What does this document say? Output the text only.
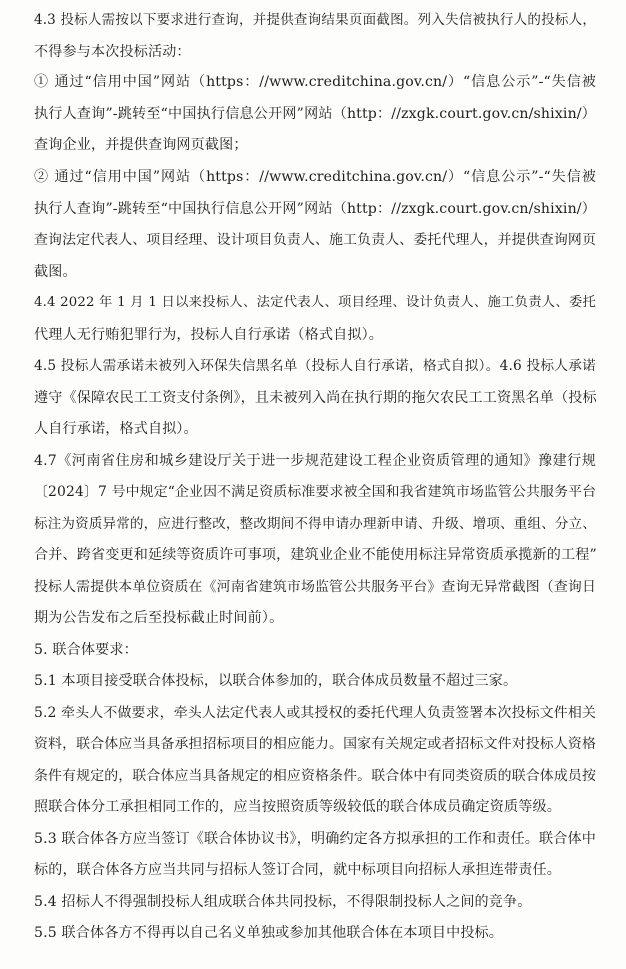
4.3 投标人需按以下要求进行查询，并提供查询结果页面截图。列入失信被执行人的投标人，
不得参与本次投标活动：
① 通过“信用中国”网站（https：//www.creditchina.gov.cn/）“信息公示”-“失信被
执行人查询”-跳转至“中国执行信息公开网”网站（http：//zxgk.court.gov.cn/shixin/）
查询企业，并提供查询网页截图；
② 通过“信用中国”网站（https：//www.creditchina.gov.cn/）“信息公示”-“失信被
执行人查询”-跳转至“中国执行信息公开网”网站（http：//zxgk.court.gov.cn/shixin/）
查询法定代表人、项目经理、设计项目负责人、施工负责人、委托代理人，并提供查询网页
截图。
4.4 2022 年 1 月 1 日以来投标人、法定代表人、项目经理、设计负责人、施工负责人、委托
代理人无行贿犯罪行为，投标人自行承诺（格式自拟）。
4.5 投标人需承诺未被列入环保失信黑名单（投标人自行承诺，格式自拟）。4.6 投标人承诺
遵守《保障农民工工资支付条例》，且未被列入尚在执行期的拖欠农民工工资黑名单（投标
人自行承诺，格式自拟）。
4.7《河南省住房和城乡建设厅关于进一步规范建设工程企业资质管理的通知》豫建行规
〔2024〕7 号中规定“企业因不满足资质标准要求被全国和我省建筑市场监管公共服务平台
标注为资质异常的，应进行整改，整改期间不得申请办理新申请、升级、增项、重组、分立、
合并、跨省变更和延续等资质许可事项，建筑业企业不能使用标注异常资质承揽新的工程”
投标人需提供本单位资质在《河南省建筑市场监管公共服务平台》查询无异常截图（查询日
期为公告发布之后至投标截止时间前）。
5. 联合体要求：
5.1 本项目接受联合体投标，以联合体参加的，联合体成员数量不超过三家。
5.2 牵头人不做要求，牵头人法定代表人或其授权的委托代理人负责签署本次投标文件相关
资料，联合体应当具备承担招标项目的相应能力。国家有关规定或者招标文件对投标人资格
条件有规定的，联合体应当具备规定的相应资格条件。联合体中有同类资质的联合体成员按
照联合体分工承担相同工作的，应当按照资质等级较低的联合体成员确定资质等级。
5.3 联合体各方应当签订《联合体协议书》，明确约定各方拟承担的工作和责任。联合体中
标的，联合体各方应当共同与招标人签订合同，就中标项目向招标人承担连带责任。
5.4 招标人不得强制投标人组成联合体共同投标，不得限制投标人之间的竞争。
5.5 联合体各方不得再以自己名义单独或参加其他联合体在本项目中投标。
